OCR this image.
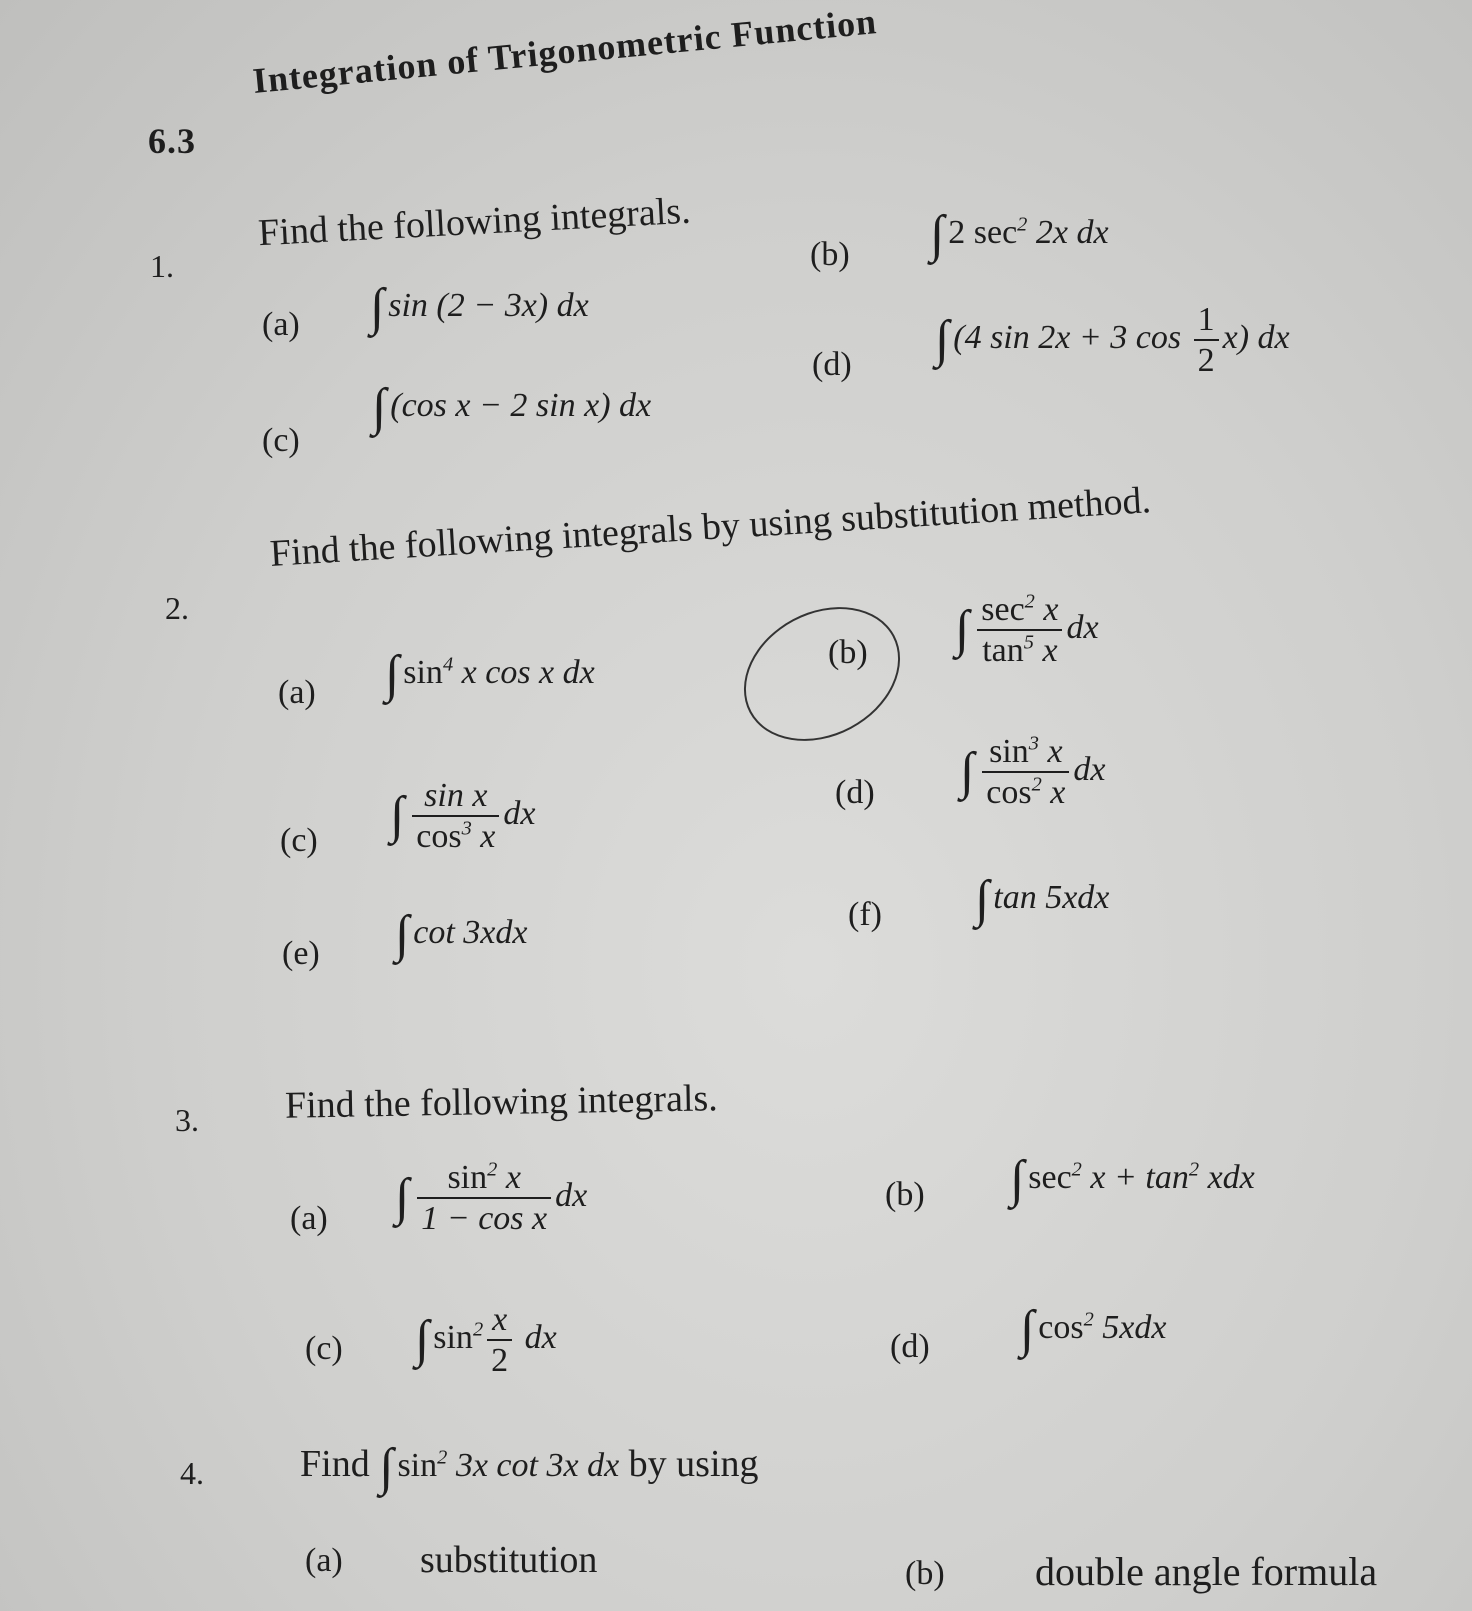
6.3
Integration of Trigonometric Function
1.
Find the following integrals.
(a) ∫ sin (2 − 3x) dx
(b) ∫ 2 $\sec^2 2x$ dx
(c)
∫ (cos x − 2 sin x) dx
(d) ∫ (4 sin 2x + 3 $\cos \frac{1}{2} x$) dx
2.
Find the following integrals by using substitution method.
(a) ∫ $\sin^4 x$ cos x dx
(b) ∫ $\frac{\sec^2 x}{\tan^5 x}$ dx
(c) ∫ $\frac{\text{sin x}}{\cos^3 x}$ dx
(d) ∫ $\frac{\sin^3 x}{\cos^2 x}$ dx
(e) ∫ cot 3xdx	(f) ∫ tan 5xdx
3. Find the following integrals.
(a) ∫ $\frac{\sin^2 x}{\text{1 − cos x}}$ dx	(b) ∫ $\sec^2 x + \tan^2$ xdx
(c) ∫ $\sin^2 \frac{x}{2}$ dx	(d) ∫ $\cos^2 5xdx$
4.	Find ∫ $\sin^2 3x$ cot 3x dx by using
(a) substitution	(b) double angle formula
